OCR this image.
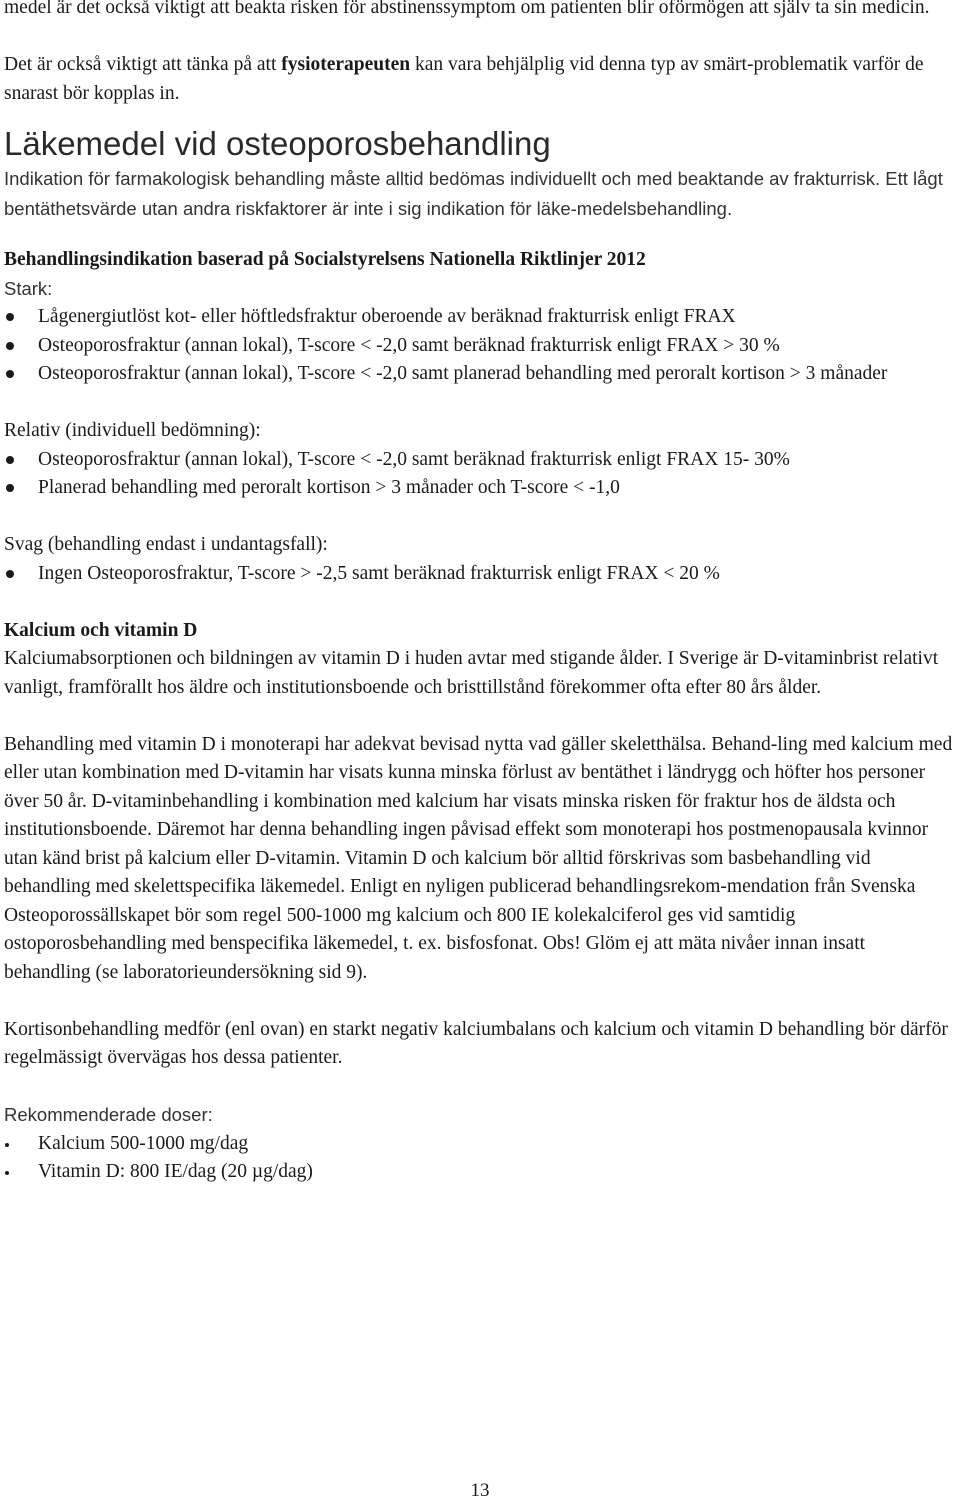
medel är det också viktigt att beakta risken för abstinenssymptom om patienten blir oförmögen att själv ta sin medicin.

Det är också viktigt att tänka på att fysioterapeuten kan vara behjälplig vid denna typ av smärt-problematik varför de snarast bör kopplas in.

Läkemedel vid osteoporosbehandling

Indikation för farmakologisk behandling måste alltid bedömas individuellt och med beaktande av frakturrisk. Ett lågt bentäthetsvärde utan andra riskfaktorer är inte i sig indikation för läke-medelsbehandling.

Behandlingsindikation baserad på Socialstyrelsens Nationella Riktlinjer 2012

Stark:

Lågenergiutlöst kot- eller höftledsfraktur oberoende av beräknad frakturrisk enligt FRAX
Osteoporosfraktur (annan lokal), T-score < -2,0 samt beräknad frakturrisk enligt FRAX > 30 %
Osteoporosfraktur (annan lokal), T-score < -2,0 samt planerad behandling med peroralt kortison > 3 månader

Relativ (individuell bedömning):

Osteoporosfraktur (annan lokal), T-score < -2,0 samt beräknad frakturrisk enligt FRAX 15- 30%
Planerad behandling med peroralt kortison > 3 månader och T-score < -1,0

Svag (behandling endast i undantagsfall):

Ingen Osteoporosfraktur, T-score > -2,5 samt beräknad frakturrisk enligt FRAX < 20 %

Kalcium och vitamin D

Kalciumabsorptionen och bildningen av vitamin D i huden avtar med stigande ålder. I Sverige är D-vitaminbrist relativt vanligt, framförallt hos äldre och institutionsboende och bristtillstånd förekommer ofta efter 80 års ålder.

Behandling med vitamin D i monoterapi har adekvat bevisad nytta vad gäller skeletthälsa. Behand-ling med kalcium med eller utan kombination med D-vitamin har visats kunna minska förlust av bentäthet i ländrygg och höfter hos personer över 50 år. D-vitaminbehandling i kombination med kalcium har visats minska risken för fraktur hos de äldsta och institutionsboende. Däremot har denna behandling ingen påvisad effekt som monoterapi hos postmenopausala kvinnor utan känd brist på kalcium eller D-vitamin. Vitamin D och kalcium bör alltid förskrivas som basbehandling vid behandling med skelettspecifika läkemedel. Enligt en nyligen publicerad behandlingsrekom-mendation från Svenska Osteoporossällskapet bör som regel 500-1000 mg kalcium och 800 IE kolekalciferol ges vid samtidig ostoporosbehandling med benspecifika läkemedel, t. ex. bisfosfonat. Obs! Glöm ej att mäta nivåer innan insatt behandling (se laboratorieundersökning sid 9).

Kortisonbehandling medför (enl ovan) en starkt negativ kalciumbalans och kalcium och vitamin D behandling bör därför regelmässigt övervägas hos dessa patienter.

Rekommenderade doser:

Kalcium 500-1000 mg/dag
Vitamin D: 800 IE/dag (20 µg/dag)
13
